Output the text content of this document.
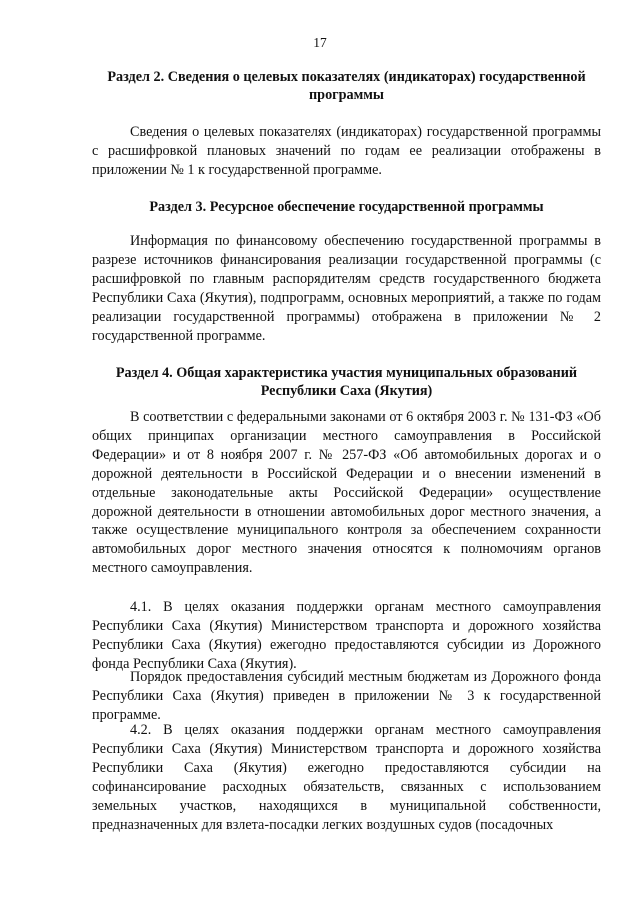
17
Раздел 2. Сведения о целевых показателях (индикаторах) государственной программы

Сведения о целевых показателях (индикаторах) государственной программы с расшифровкой плановых значений по годам ее реализации отображены в приложении № 1 к государственной программе.

Раздел 3. Ресурсное обеспечение государственной программы

Информация по финансовому обеспечению государственной программы в разрезе источников финансирования реализации государственной программы (с расшифровкой по главным распорядителям средств государственного бюджета Республики Саха (Якутия), подпрограмм, основных мероприятий, а также по годам реализации государственной программы) отображена в приложении № 2 государственной программе.

Раздел 4. Общая характеристика участия муниципальных образований Республики Саха (Якутия)

В соответствии с федеральными законами от 6 октября 2003 г. № 131-ФЗ «Об общих принципах организации местного самоуправления в Российской Федерации» и от 8 ноября 2007 г. № 257-ФЗ «Об автомобильных дорогах и о дорожной деятельности в Российской Федерации и о внесении изменений в отдельные законодательные акты Российской Федерации» осуществление дорожной деятельности в отношении автомобильных дорог местного значения, а также осуществление муниципального контроля за обеспечением сохранности автомобильных дорог местного значения относятся к полномочиям органов местного самоуправления.

4.1. В целях оказания поддержки органам местного самоуправления Республики Саха (Якутия) Министерством транспорта и дорожного хозяйства Республики Саха (Якутия) ежегодно предоставляются субсидии из Дорожного фонда Республики Саха (Якутия).

Порядок предоставления субсидий местным бюджетам из Дорожного фонда Республики Саха (Якутия) приведен в приложении № 3 к государственной программе.

4.2. В целях оказания поддержки органам местного самоуправления Республики Саха (Якутия) Министерством транспорта и дорожного хозяйства Республики Саха (Якутия) ежегодно предоставляются субсидии на софинансирование расходных обязательств, связанных с использованием земельных участков, находящихся в муниципальной собственности, предназначенных для взлета-посадки легких воздушных судов (посадочных
